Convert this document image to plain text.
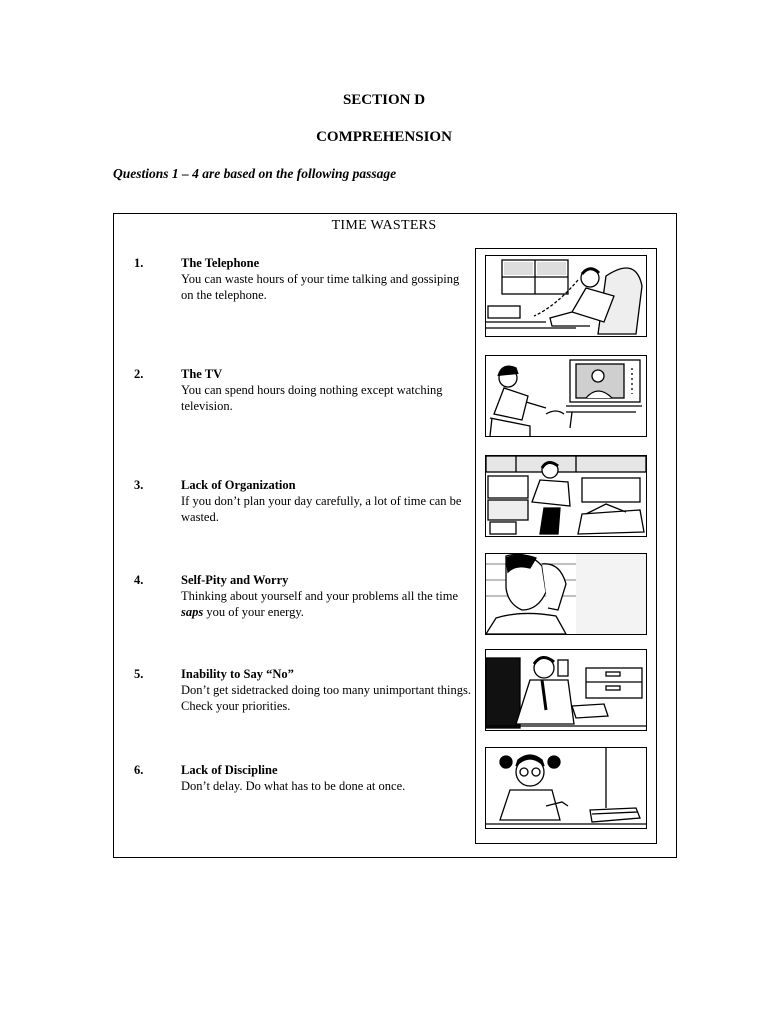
SECTION D
COMPREHENSION
Questions 1 – 4 are based on the following passage
TIME WASTERS
1.	The Telephone
You can waste hours of your time talking and gossiping on the telephone.
2.	The TV
You can spend hours doing nothing except watching television.
3.	Lack of Organization
If you don’t plan your day carefully, a lot of time can be wasted.
4.	Self-Pity and Worry
Thinking about yourself and your problems all the time saps you of your energy.
5.	Inability to Say “No”
Don’t get sidetracked doing too many unimportant things. Check your priorities.
6.	Lack of Discipline
Don’t delay. Do what has to be done at once.
